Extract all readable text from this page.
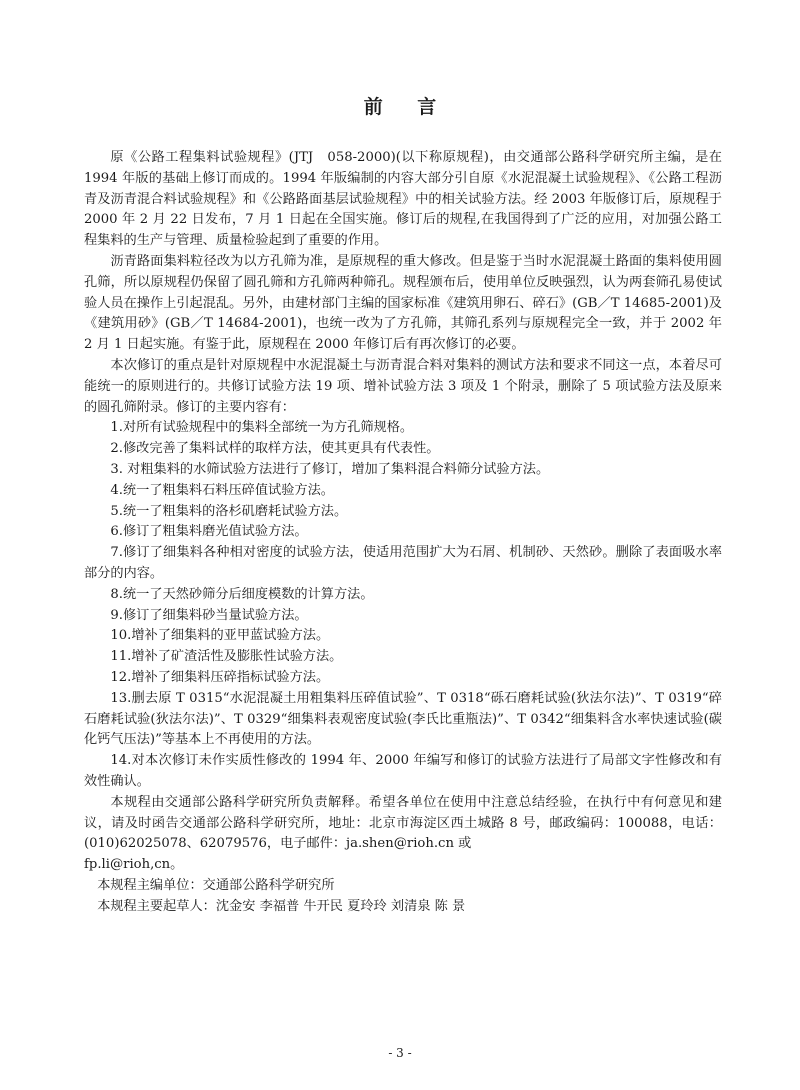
前 言

原《公路工程集料试验规程》(JTJ　058-2000)(以下称原规程)，由交通部公路科学研究所主编，是在 1994 年版的基础上修订而成的。1994 年版编制的内容大部分引自原《水泥混凝土试验规程》、《公路工程沥青及沥青混合料试验规程》和《公路路面基层试验规程》中的相关试验方法。经 2003 年版修订后，原规程于 2000 年 2 月 22 日发布，7 月 1 日起在全国实施。修订后的规程,在我国得到了广泛的应用，对加强公路工程集料的生产与管理、质量检验起到了重要的作用。

沥青路面集料粒径改为以方孔筛为准，是原规程的重大修改。但是鉴于当时水泥混凝土路面的集料使用圆孔筛，所以原规程仍保留了圆孔筛和方孔筛两种筛孔。规程颁布后，使用单位反映强烈，认为两套筛孔易使试验人员在操作上引起混乱。另外，由建材部门主编的国家标准《建筑用卵石、碎石》(GB／T 14685-2001)及《建筑用砂》(GB／T 14684-2001)，也统一改为了方孔筛，其筛孔系列与原规程完全一致，并于 2002 年 2 月 1 日起实施。有鉴于此，原规程在 2000 年修订后有再次修订的必要。

本次修订的重点是针对原规程中水泥混凝土与沥青混合料对集料的测试方法和要求不同这一点，本着尽可能统一的原则进行的。共修订试验方法 19 项、增补试验方法 3 项及 1 个附录，删除了 5 项试验方法及原来的圆孔筛附录。修订的主要内容有：

1.对所有试验规程中的集料全部统一为方孔筛规格。

2.修改完善了集料试样的取样方法，使其更具有代表性。

3. 对粗集料的水筛试验方法进行了修订，增加了集料混合料筛分试验方法。

4.统一了粗集料石料压碎值试验方法。

5.统一了粗集料的洛杉矶磨耗试验方法。

6.修订了粗集料磨光值试验方法。

7.修订了细集料各种相对密度的试验方法，使适用范围扩大为石屑、机制砂、天然砂。删除了表面吸水率部分的内容。

8.统一了天然砂筛分后细度模数的计算方法。

9.修订了细集料砂当量试验方法。

10.增补了细集料的亚甲蓝试验方法。

11.增补了矿渣活性及膨胀性试验方法。

12.增补了细集料压碎指标试验方法。

13.删去原 T 0315“水泥混凝土用粗集料压碎值试验”、T 0318“砾石磨耗试验(狄法尔法)”、T 0319“碎石磨耗试验(狄法尔法)”、T 0329“细集料表观密度试验(李氏比重瓶法)”、T 0342“细集料含水率快速试验(碳化钙气压法)”等基本上不再使用的方法。

14.对本次修订未作实质性修改的 1994 年、2000 年编写和修订的试验方法进行了局部文字性修改和有效性确认。

本规程由交通部公路科学研究所负责解释。希望各单位在使用中注意总结经验，在执行中有何意见和建议，请及时函告交通部公路科学研究所，地址：北京市海淀区西土城路 8 号，邮政编码：100088，电话：(010)62025078、62079576，电子邮件：ja.shen@rioh.cn 或

fp.li@rioh,cn。

本规程主编单位：交通部公路科学研究所

本规程主要起草人：沈金安 李福普 牛开民 夏玲玲 刘清泉 陈 景

- 3 -
